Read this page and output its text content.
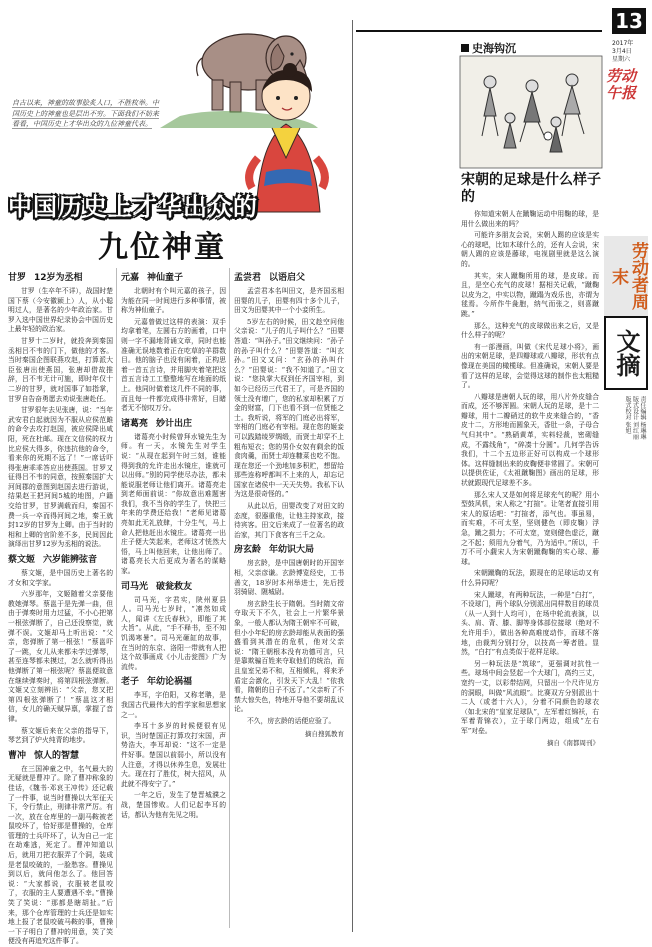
13
2017年
3月4日
星期六
劳动午报
自古以来，神童的故事脍炙人口，不胜枚举。中国历史上的神童也是层出不穷。下面我们不妨来看看，中国历史上才华出众的九位神童代表。
中国历史上才华出众的
九位神童
甘罗 12岁为丞相

甘罗（生卒年不详），战国时楚国下蔡（今安徽颍上）人，从小聪明过人，是著名的少年政治家。甘罗入选中国世界纪录协会中国历史上最年轻的政治家。

甘罗十二岁时，就投奔到秦国丞相吕不韦的门下，做他的才客。当时秦国企图联燕攻赵，打算派大臣张唐出使燕国，张唐却借故推辞，吕不韦无计可施，即时年仅十二岁的甘罗，就对国事了如指掌，甘罗自告奋勇愿去劝说张唐赴任。

甘罗很年去见张唐，说：“当年武安君白起就因为不服从应侯范雎的命令去攻打赵国，被应侯降出咸阳，死在杜邮。现在文信侯的权力比应侯大得多，你违抗他的命令，看来你的死期不远了！”一席话吓得张唐乖乖答应出使燕国。甘罗又征得吕不韦的同意，按照秦国扩大河间郡的意图到赵国去进行游说，结果赵王把河间5城的地图，户籍交给甘罗，甘罗满载而归，秦国不费一兵一卒而得河间之地，秦王就封12岁的甘罗为上卿。由于当时的相和上卿的官阶差不多，民间因此演绎出甘罗12岁为丞相的说法。

蔡文姬 六岁能辨弦音

蔡文姬，是中国历史上著名的才女和文学家。

六岁那年，文姬随着父亲要他教她弹琴。蔡邕于是先弹一曲，但由于弹奏时用力过猛，不小心把第一根弦弹断了，自己还没察觉，就弹不误。文姬却马上听出说：“父亲，您弹断了第一根弦！”蔡邕吓了一跳，女儿从来都未学过弹琴，甚至连琴都未摸过，怎么就听得出他弹断了第一根弦呢？蔡邕便故意在继续弹奏时，将第四根弦弹断。文姬又立刻辨出：“父亲，您又把第四根弦弹断了！”蔡邕这才相信，女儿的确天赋异禀，掌握了音律。

蔡文姬后来在父亲的指导下，琴艺到了炉火纯青的地步。

曹冲 惊人的智慧

在三国神童之中，名气最大的无疑就是曹冲了。除了曹冲称象的佳话，《魏书·邓哀王冲传》还记载了一件事，说当时曹操以大军征天下，令行禁止，刑律非常严厉。有一次，放在仓库里的一副马鞍被老鼠咬坏了，恰好那是曹操的，仓库管理的士兵吓坏了，认为自己一定在劫难逃，死定了。曹冲知道以后，就用刀把衣服弄了个洞，装成是老鼠咬破的，一脸愁容。曹操见到以后，就问他怎么了。他回答说：“大家都说，衣服被老鼠咬了，衣服的主人要遭遇不幸。”曹操笑了笑说：“那都是瞎胡扯。”后来，那个仓库管理的士兵还是如实地上报了老鼠咬破马鞍的事，曹操一下子明白了曹冲的用意，笑了笑便没有再追究这件事了。

元嘉 神仙童子

北朝时有个叫元嘉的孩子，因为能在同一时间进行多种事情，被称为神仙童子。

元嘉曾做过这样的表演：双手均拿着笔，左圆右方的画着，口中则一字不漏地背诵文章，同时也能准确无误地数着正在吃草的羊群数目。他的脑子也没有闲着，正构思着一首五言诗，并用脚夹着笔把这首五言诗工工整整地写在地面的纸上。他同时做着这几件不同的事，而且每一件都完成得非常好，目睹者无不惊叹万分。

诸葛亮 妙计出庄

诸葛亮小时候曾拜水镜先生为师。有一天，水镜先生对学生说：“从现在起到午时三刻，谁能得到我的允许走出水镜庄，谁就可以出师。”别的同学使尽办法，都未能说服老师让他们离开。诸葛亮走到老师面前说：“你故意出难题害我们，我不当你的学生了，快把三年来的学费还给我！”老师见诸葛亮如此无礼放肆，十分生气，马上命人把他赶出水镜庄。诸葛亮一出庄子便大笑起来，老师这才恍然大悟，马上叫他回来，让他出师了。诸葛亮长大后更成为著名的谋略家。

司马光 破瓮救友

司马光，字君实，陕州夏县人。司马光七岁时，“凛然如成人，闻讲《左氏春秋》，即能了其大旨”。从此，“手不释书，至不知饥渴寒暑”。司马光砸缸的故事，在当时的东京、洛阳一带就有人把这个故事画成《小儿击瓮图》广为流传。

老子 年幼论祸福

李耳，字伯阳，又称老聃，是我国古代最伟大的哲学家和思想家之一。

李耳十多岁的时候便很有见识，当时楚国正打算攻打宋国，声势浩大，李耳却说：“这不一定是件好事。楚国以前弱小，所以没有人注意，才得以休养生息，发展壮大。现在打了胜仗，树大招风，从此就不得安宁了。”

一年之后，发生了楚晋城濮之战，楚国惨败。人们记起李耳的话，都认为他有先见之明。

孟尝君 以语启父

孟尝君本名叫田文，是齐国丞相田婴的儿子，田婴有四十多个儿子，田文为田婴其中一个小妾所生。

5岁左右的时候，田文趁空问他父亲说：“儿子的儿子叫什么？”田婴答道：“叫孙子。”田文继续问：“孙子的孙子叫什么？”田婴答道：“叫玄孙。”田文又问：“玄孙的孙叫什么？”田婴说：“我不知道了。”田文说：“您执掌大权到任齐国宰相，到如今已经历三代君王了，可是齐国的领土没有增广，您的私家却积累了万金的财富，门下也看不到一位贤能之士。我听说，将军的门庭必出将军，宰相的门庭必有宰相。现在您的姬妾可以践踏绫罗绸缎，而贤士却穿不上粗布短衣；您的男仆女奴有剩余的饭食肉羹，而贤士却连糠菜也吃不饱。现在您还一个劲地加多积贮，想留给那些连称呼都叫不上来的人，却忘记国家在诸侯中一天天失势。我私下认为这是很奇怪的。”

从此以后，田婴改变了对田文的态度，很器重他，让他主持家政，接待宾客。田文后来成了一位著名的政治家，其门下食客有三千之众。

房玄龄 年幼识大局

房玄龄，是中国唐朝时的开国宰相，父亲彦谦。玄龄博览经史，工书善文，18岁时本州举进士，先后授羽骑尉、隰城尉。

房玄龄生长于隋朝。当时隋文帝夺取天下不久，社会上一片繁华景象，一般人都认为隋王朝牢不可破，但小小年纪的房玄龄却能从表面的强盛看到其潜在的危机，他对父亲说：“隋王朝根本没有功德可言，只是靠欺骗百姓来夺取他们的统治，而且皇室兄弟不和，互相倾轧，将来矛盾定会激化，引发天下大乱！”依我看，隋朝的日子不远了。”父亲听了不禁大惊失色，特地开导他不要胡乱议论。

不久，房玄龄的话便应验了。

摘自搜狐教育
史海钩沉
宋朝的足球是什么样子的

你知道宋朝人在蹴鞠运动中用鞠的球，是用什么做出来的吗？

可能许多朋友会说，宋朝人踢的应该是实心的球吧，比如木球什么的，还有人会说，宋朝人踢的应该是藤球，电视剧里就是这么演的。

其实，宋人蹴鞠所用的球，是皮球。而且，是空心充气的皮球！据相关记载，“蹴鞠以皮为之，中实以物，蹴蹋为戏乐也，亦谓为毬焉。今所作牛彘胞，纳气而张之，则喜蹴跳。”

那么，这种充气的皮球做出来之后，又是什么样子的呢？

有一部漫画，叫做《宋代足球小将》，画出的宋朝足球，是四瓣球或八瓣球，形状有点像现在美国的橄榄球。但准确说，宋朝人要是看了这样的足球，会觉得这球的制作也太粗糙了。

八瓣球是唐朝人玩的球，用八片外皮缝合而成，还不够浑圆。宋朝人玩的足球，是十二瓣球，用十二瓣硝过的软牛皮来缝合的，“香皮十二，方形地而圆象天，香肚一条，子母合气归其中”。“熟硝黄革，实料轻裁，密砌缝成，不露线角”，“碎凑十分圆”。几何学告诉我们，十二个五边形正好可以构成一个球形体。这样缝制出来的皮鞠便非常圆了。宋朝可以提供佐证，《太祖蹴鞠图》画出的足球，形状就跟现代足球差不多。

那么宋人又是如何将足球充气的呢？用小型鼓风机，宋人称之“打揎”。让笔者直接引用宋人的原话吧：“打揎者，添气也。事虽易，而实难，不可太坚，坚则健色（即皮鞠）浮急，蹴之损力；不可太宽，宽则健色虚泛，蹴之不起；须用九分着气，乃为适中。”所以，千万不可小觑宋人为宋朝蹴鞠鞠的实心球、藤球。

宋朝蹴鞠的玩法，跟现在的足球运动又有什么异同呢？

宋人蹴球，有两种玩法，一种是“白打”，不设球门，两个球队分别派出同样数目的球员（从一人到十人均可），在场中轮流表演，以头、肩、背、膝、脚等身体部位接球（绝对不允许用手），做出各种高难度动作，而球不落地，由裁判分别打分，以技高一筹者胜。显然，“白打”有点类似于花样足球。

另一种玩法是“筑球”，更强调对抗性一些。球场中间会竖起一个大球门，高约三丈，宽约一丈，以彩带结网，只留出一个尺许见方的洞眼，叫做“风流眼”。比赛双方分别派出十二人（或者十六人），分着不同颜色的球衣（如北宋的“皇家足球队”，左军着红锦袄，右军着青锦衣），立于球门两边，组成“左右军”对垒。

摘自《南都周刊》
劳动者周末
文摘
责任编辑 杨琳琳
版式设计 刘红丽
版式校对 张旭
